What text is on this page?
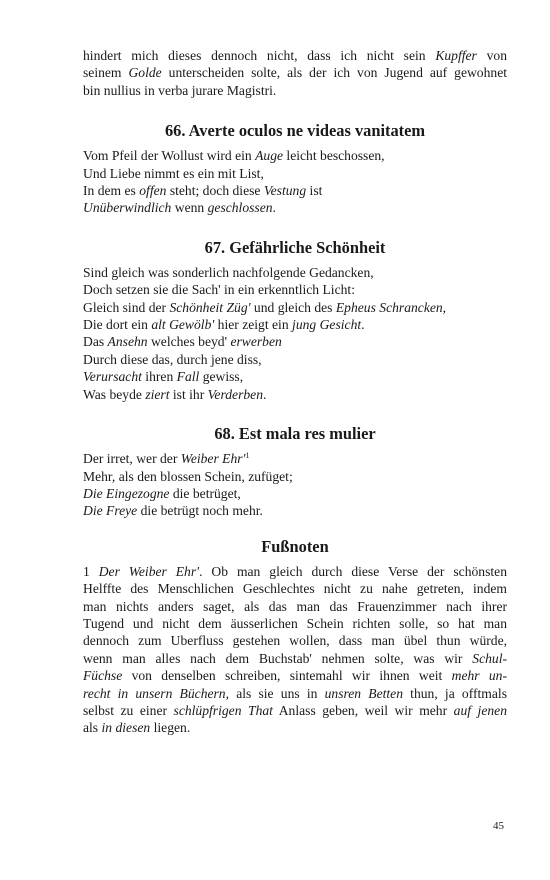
hindert mich dieses dennoch nicht, dass ich nicht sein Kupffer von
seinem Golde unterscheiden solte, als der ich von Jugend auf gewohnet
bin nullius in verba jurare Magistri.
66. Averte oculos ne videas vanitatem
Vom Pfeil der Wollust wird ein Auge leicht beschossen,
Und Liebe nimmt es ein mit List,
In dem es offen steht; doch diese Vestung ist
Unüberwindlich wenn geschlossen.
67. Gefährliche Schönheit
Sind gleich was sonderlich nachfolgende Gedancken,
Doch setzen sie die Sach' in ein erkenntlich Licht:
Gleich sind der Schönheit Züg' und gleich des Epheus Schrancken,
Die dort ein alt Gewölb' hier zeigt ein jung Gesicht.
Das Ansehn welches beyd' erwerben
Durch diese das, durch jene diss,
Verursacht ihren Fall gewiss,
Was beyde ziert ist ihr Verderben.
68. Est mala res mulier
Der irret, wer der Weiber $Ehr'^1$
Mehr, als den blossen Schein, zufüget;
Die Eingezogne die betrüget,
Die Freye die betrügt noch mehr.
Fußnoten
1 Der Weiber Ehr'. Ob man gleich durch diese Verse der schönsten
Helffte des Menschlichen Geschlechtes nicht zu nahe getreten, indem
man nichts anders saget, als das man das Frauenzimmer nach ihrer
Tugend und nicht dem äusserlichen Schein richten solle, so hat man
dennoch zum Uberfluss gestehen wollen, dass man übel thun würde,
wenn man alles nach dem Buchstab' nehmen solte, was wir Schul-
Füchse von denselben schreiben, sintemahl wir ihnen weit mehr un-
recht in unsern Büchern, als sie uns in unsren Betten thun, ja offtmals
selbst zu einer schlüpfrigen That Anlass geben, weil wir mehr auf jenen
als in diesen liegen.
45
